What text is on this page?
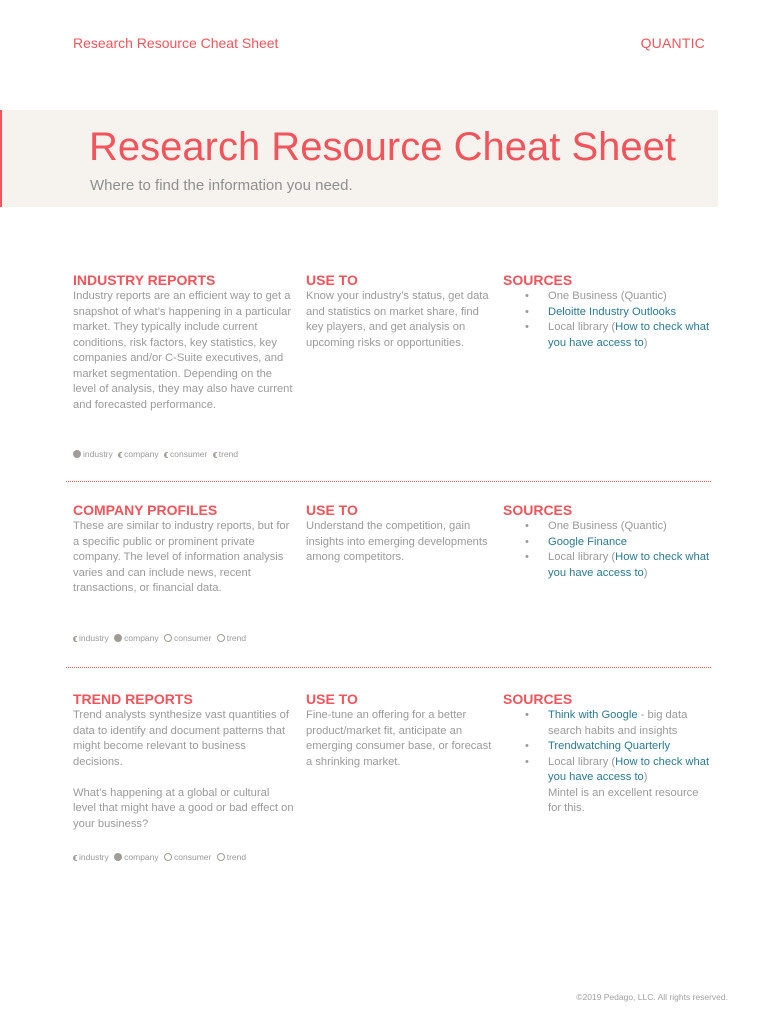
Research Resource Cheat Sheet	QUANTIC
Research Resource Cheat Sheet
Where to find the information you need.
INDUSTRY REPORTS

Industry reports are an efficient way to get a snapshot of what’s happening in a particular market. They typically include current conditions, risk factors, key statistics, key companies and/or C-Suite executives, and market segmentation. Depending on the level of analysis, they may also have current and forecasted performance.

USE TO
Know your industry’s status, get data and statistics on market share, find key players, and get analysis on upcoming risks or opportunities.
SOURCES
• One Business (Quantic)
• Deloitte Industry Outlooks
• Local library (How to check what you have access to)
industry company consumer trend
COMPANY PROFILES

These are similar to industry reports, but for a specific public or prominent private company. The level of information analysis varies and can include news, recent transactions, or financial data.

USE TO
Understand the competition, gain insights into emerging developments among competitors.
SOURCES
• One Business (Quantic)
• Google Finance
• Local library (How to check what you have access to)
industry company consumer trend
TREND REPORTS

Trend analysts synthesize vast quantities of data to identify and document patterns that might become relevant to business decisions.

What’s happening at a global or cultural level that might have a good or bad effect on your business?

USE TO
Fine-tune an offering for a better product/market fit, anticipate an emerging consumer base, or forecast a shrinking market.
SOURCES
• Think with Google - big data search habits and insights
• Trendwatching Quarterly
• Local library (How to check what you have access to)
Mintel is an excellent resource for this.
industry company consumer trend
©2019 Pedago, LLC. All rights reserved.
